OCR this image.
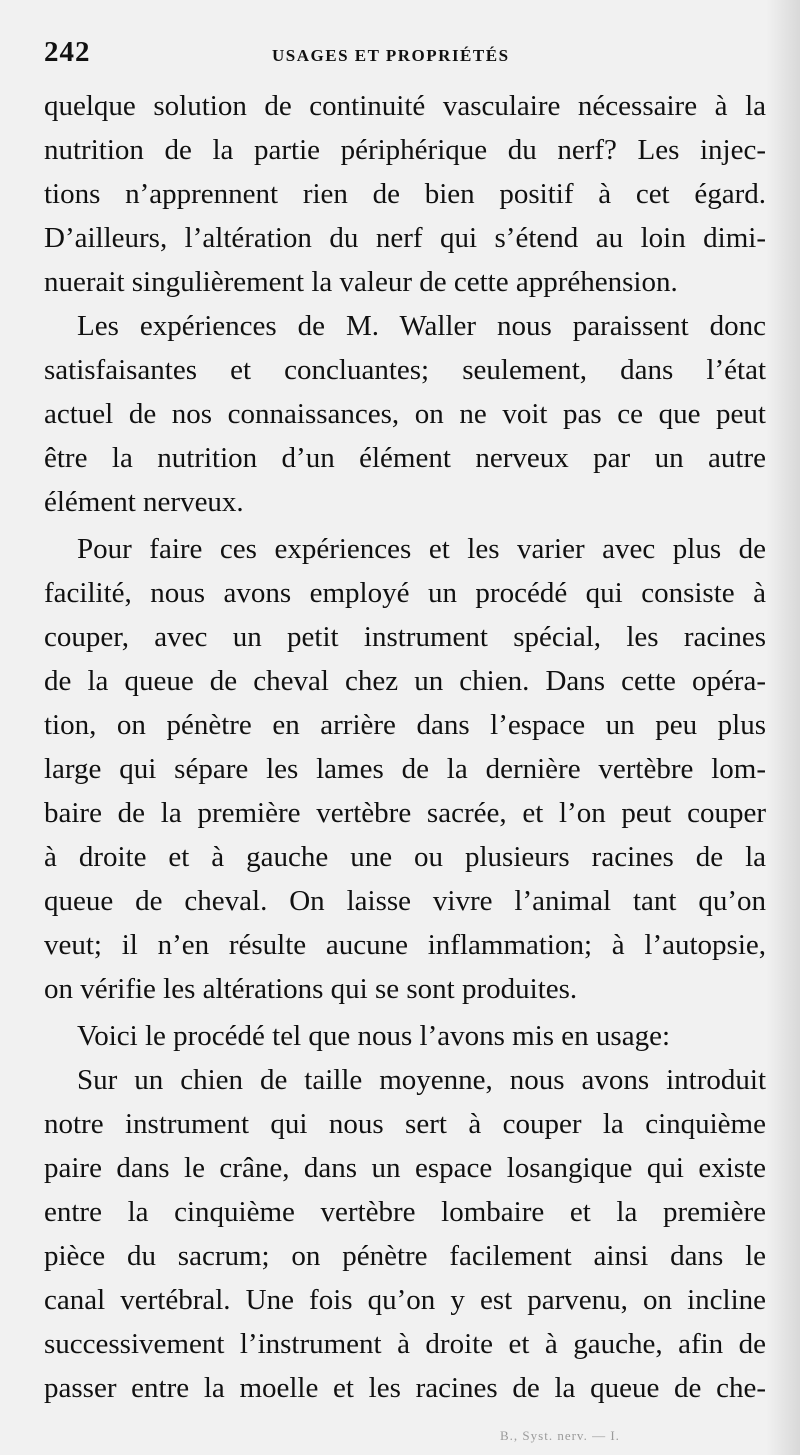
242	USAGES ET PROPRIÉTÉS
quelque solution de continuité vasculaire nécessaire à la
nutrition de la partie périphérique du nerf? Les injec-
tions n’apprennent rien de bien positif à cet égard.
D’ailleurs, l’altération du nerf qui s’étend au loin dimi-
nuerait singulièrement la valeur de cette appréhension.
Les expériences de M. Waller nous paraissent donc
satisfaisantes et concluantes; seulement, dans l’état
actuel de nos connaissances, on ne voit pas ce que peut
être la nutrition d’un élément nerveux par un autre
élément nerveux.
Pour faire ces expériences et les varier avec plus de
facilité, nous avons employé un procédé qui consiste à
couper, avec un petit instrument spécial, les racines
de la queue de cheval chez un chien. Dans cette opéra-
tion, on pénètre en arrière dans l’espace un peu plus
large qui sépare les lames de la dernière vertèbre lom-
baire de la première vertèbre sacrée, et l’on peut couper
à droite et à gauche une ou plusieurs racines de la
queue de cheval. On laisse vivre l’animal tant qu’on
veut; il n’en résulte aucune inflammation; à l’autopsie,
on vérifie les altérations qui se sont produites.
Voici le procédé tel que nous l’avons mis en usage:
Sur un chien de taille moyenne, nous avons introduit
notre instrument qui nous sert à couper la cinquième
paire dans le crâne, dans un espace losangique qui existe
entre la cinquième vertèbre lombaire et la première
pièce du sacrum; on pénètre facilement ainsi dans le
canal vertébral. Une fois qu’on y est parvenu, on incline
successivement l’instrument à droite et à gauche, afin de
passer entre la moelle et les racines de la queue de che-
B., Syst. nerv. — I.
